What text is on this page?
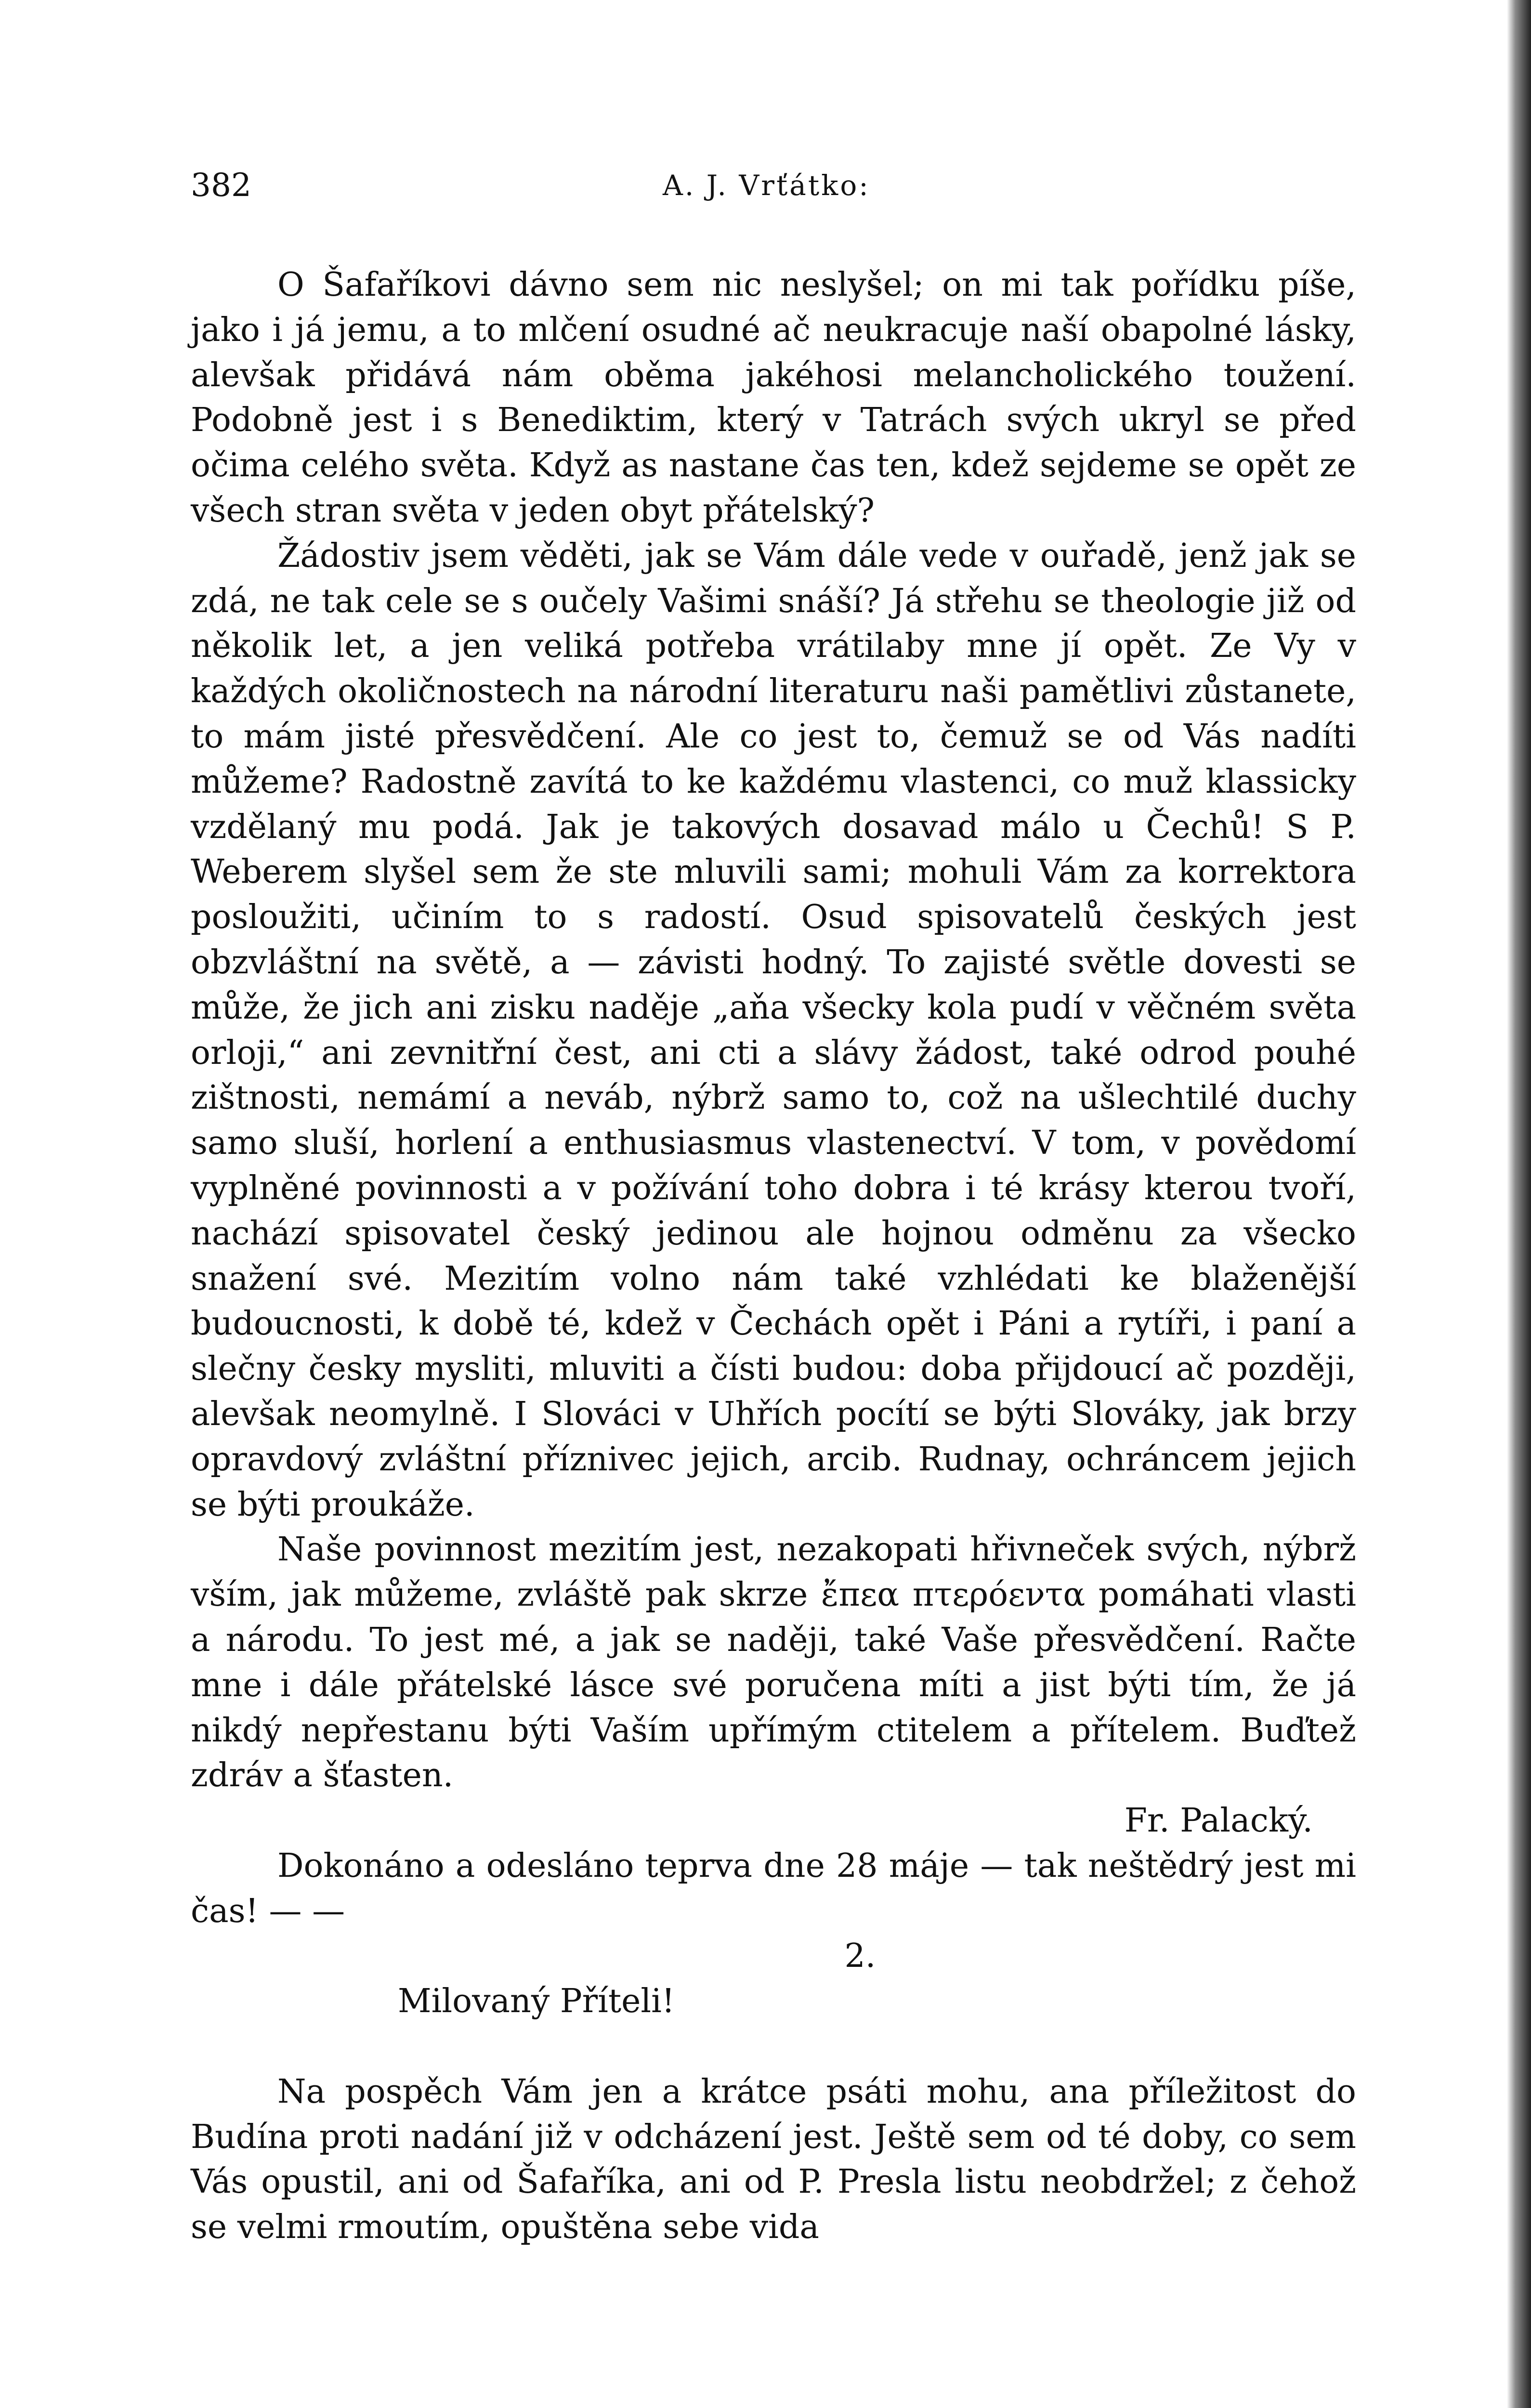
382	A. J. Vrťátko:

O Šafaříkovi dávno sem nic neslyšel; on mi tak pořídku píše, jako i já jemu, a to mlčení osudné ač neukracuje naší obapolné lásky, alevšak přidává nám oběma jakéhosi melancholického toužení. Podobně jest i s Benediktim, který v Tatrách svých ukryl se před očima celého světa. Když as nastane čas ten, kdež sejdeme se opět ze všech stran světa v jeden obyt přátelský?

Žádostiv jsem věděti, jak se Vám dále vede v ouřadě, jenž jak se zdá, ne tak cele se s oučely Vašimi snáší? Já střehu se theologie již od několik let, a jen veliká potřeba vrátilaby mne jí opět. Ze Vy v každých okoličnostech na národní literaturu naši pamětlivi zůstanete, to mám jisté přesvědčení. Ale co jest to, čemuž se od Vás nadíti můžeme? Radostně zavítá to ke každému vlastenci, co muž klassicky vzdělaný mu podá. Jak je takových dosavad málo u Čechů! S P. Weberem slyšel sem že ste mluvili sami; mohuli Vám za korrektora posloužiti, učiním to s radostí. Osud spisovatelů českých jest obzvláštní na světě, a — závisti hodný. To zajisté světle dovesti se může, že jich ani zisku naděje „aňa všecky kola pudí v věčném světa orloji,“ ani zevnitřní čest, ani cti a slávy žádost, také odrod pouhé zištnosti, nemámí a neváb, nýbrž samo to, což na ušlechtilé duchy samo sluší, horlení a enthusiasmus vlastenectví. V tom, v povědomí vyplněné povinnosti a v požívání toho dobra i té krásy kterou tvoří, nachází spisovatel český jedinou ale hojnou odměnu za všecko snažení své. Mezitím volno nám také vzhlédati ke blaženější budoucnosti, k době té, kdež v Čechách opět i Páni a rytíři, i paní a slečny česky mysliti, mluviti a čísti budou: doba přijdoucí ač později, alevšak neomylně. I Slováci v Uhřích pocítí se býti Slováky, jak brzy opravdový zvláštní příznivec jejich, arcib. Rudnay, ochráncem jejich se býti proukáže.

Naše povinnost mezitím jest, nezakopati hřivneček svých, nýbrž vším, jak můžeme, zvláště pak skrze ἔπεα πτερόεντα pomáhati vlasti a národu. To jest mé, a jak se naději, také Vaše přesvědčení. Račte mne i dále přátelské lásce své poručena míti a jist býti tím, že já nikdý nepřestanu býti Vaším upřímým ctitelem a přítelem. Buďtež zdráv a šťasten.

Fr. Palacký.

Dokonáno a odesláno teprva dne 28 máje — tak neštědrý jest mi čas! — —

2.

Milovaný Příteli!

Na pospěch Vám jen a krátce psáti mohu, ana příležitost do Budína proti nadání již v odcházení jest. Ještě sem od té doby, co sem Vás opustil, ani od Šafaříka, ani od P. Presla listu neobdržel; z čehož se velmi rmoutím, opuštěna sebe vida
